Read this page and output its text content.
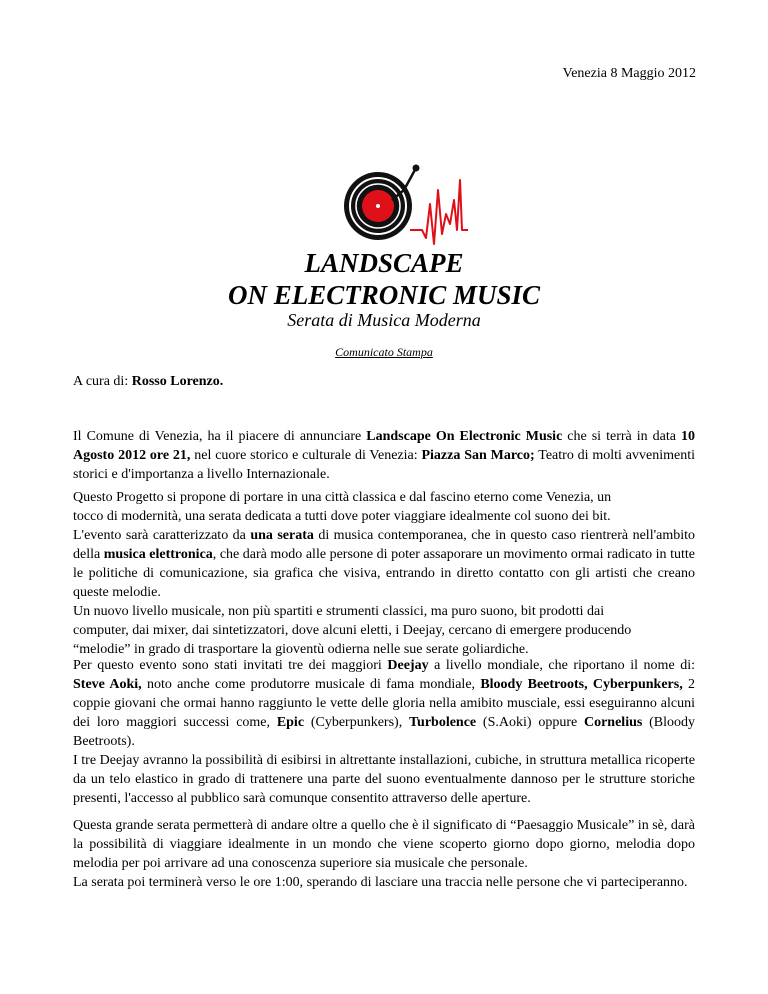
Venezia 8 Maggio 2012
LANDSCAPE
ON ELECTRONIC MUSIC
Serata di Musica Moderna
Comunicato Stampa
A cura di: Rosso Lorenzo.

Il Comune di Venezia, ha il piacere di annunciare Landscape On Electronic Music che si terrà in data 10 Agosto 2012 ore 21, nel cuore storico e culturale di Venezia: Piazza San Marco; Teatro di molti avvenimenti storici e d'importanza a livello Internazionale.

Questo Progetto si propone di portare in una città classica e dal fascino eterno come Venezia, un
tocco di modernità, una serata dedicata a tutti dove poter viaggiare idealmente col suono dei bit.

L'evento sarà caratterizzato da una serata di musica contemporanea, che in questo caso rientrerà nell'ambito della musica elettronica, che darà modo alle persone di poter assaporare un movimento ormai radicato in tutte le politiche di comunicazione, sia grafica che visiva, entrando in diretto contatto con gli artisti che creano queste melodie.
Un nuovo livello musicale, non più spartiti e strumenti classici, ma puro suono, bit prodotti dai
computer, dai mixer, dai sintetizzatori, dove alcuni eletti, i Deejay, cercano di emergere producendo
“melodie” in grado di trasportare la gioventù odierna nelle sue serate goliardiche.

Per questo evento sono stati invitati tre dei maggiori Deejay a livello mondiale, che riportano il nome di: Steve Aoki, noto anche come produtorre musicale di fama mondiale, Bloody Beetroots, Cyberpunkers, 2 coppie giovani che ormai hanno raggiunto le vette delle gloria nella amibito musciale, essi eseguiranno alcuni dei loro maggiori successi come, Epic (Cyberpunkers), Turbolence (S.Aoki) oppure Cornelius (Bloody Beetroots).
I tre Deejay avranno la possibilità di esibirsi in altrettante installazioni, cubiche, in struttura metallica ricoperte da un telo elastico in grado di trattenere una parte del suono eventualmente dannoso per le strutture storiche presenti, l'accesso al pubblico sarà comunque consentito attraverso delle aperture.

Questa grande serata permetterà di andare oltre a quello che è il significato di “Paesaggio Musicale” in sè, darà la possibilità di viaggiare idealmente in un mondo che viene scoperto giorno dopo giorno, melodia dopo melodia per poi arrivare ad una conoscenza superiore sia musicale che personale.
La serata poi terminerà verso le ore 1:00, sperando di lasciare una traccia nelle persone che vi parteciperanno.
